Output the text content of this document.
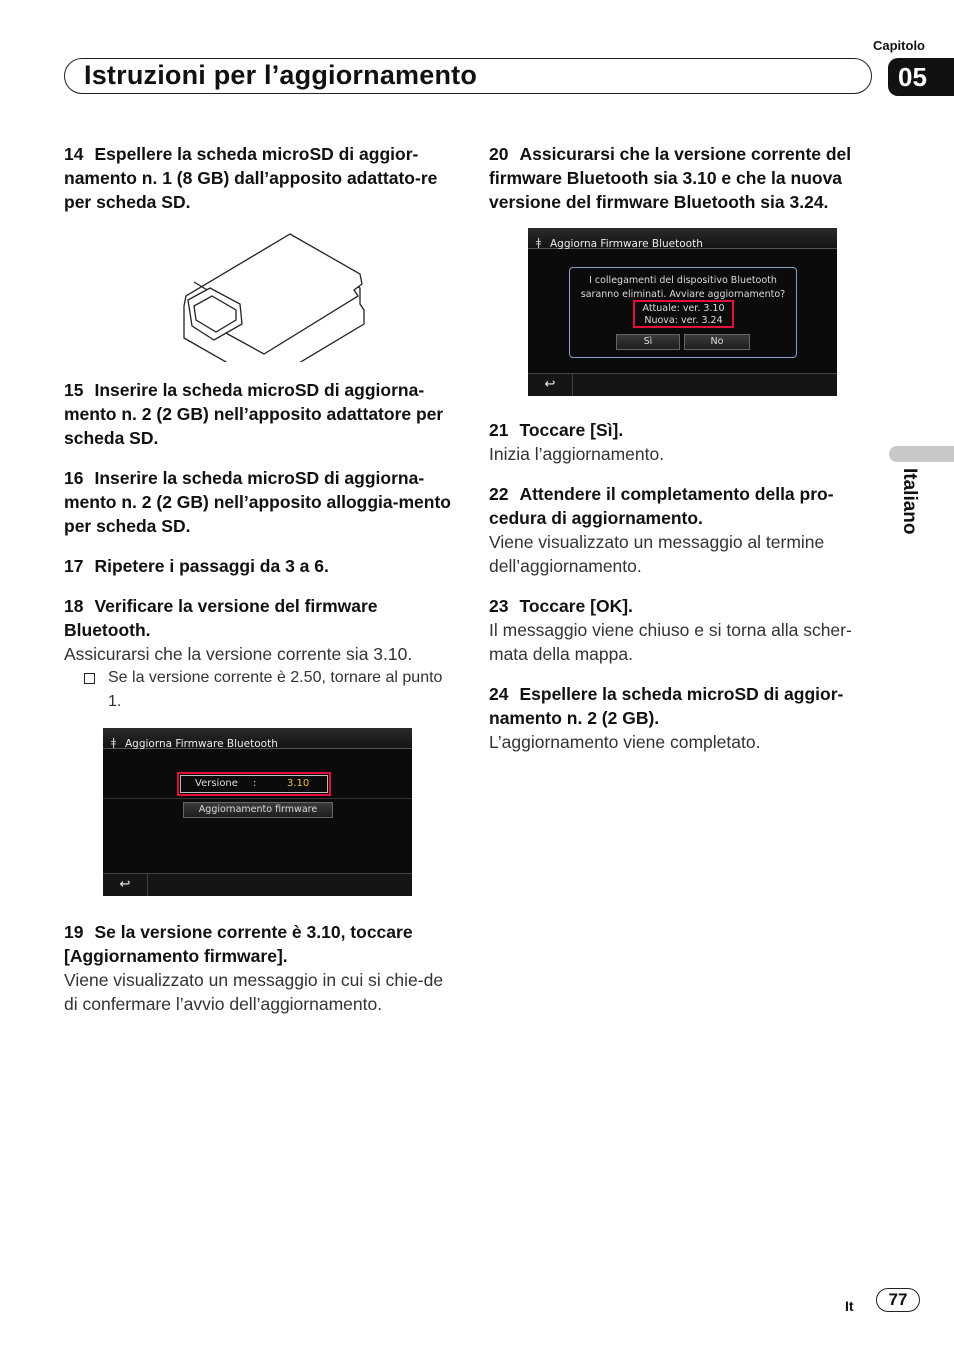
Capitolo
Istruzioni per l’aggiornamento	05
Italiano

14 Espellere la scheda microSD di aggior-namento n. 1 (8 GB) dall’apposito adattato-re per scheda SD.

15 Inserire la scheda microSD di aggiorna-mento n. 2 (2 GB) nell’apposito adattatore per scheda SD.

16 Inserire la scheda microSD di aggiorna-mento n. 2 (2 GB) nell’apposito alloggia-mento per scheda SD.

17 Ripetere i passaggi da 3 a 6.

18 Verificare la versione del firmware Bluetooth.

Assicurarsi che la versione corrente sia 3.10.

Se la versione corrente è 2.50, tornare al punto 1.
ǂ Aggiorna Firmware Bluetooth
Versione :	3.10
Aggiornamento firmware
↩

19 Se la versione corrente è 3.10, toccare [Aggiornamento firmware].

Viene visualizzato un messaggio in cui si chie-de di confermare l’avvio dell’aggiornamento.

20 Assicurarsi che la versione corrente del firmware Bluetooth sia 3.10 e che la nuova versione del firmware Bluetooth sia 3.24.

ǂ Aggiorna Firmware Bluetooth
I collegamenti del dispositivo Bluetooth
saranno eliminati. Avviare aggiornamento?
Attuale: ver. 3.10
Nuova: ver. 3.24
Sì	No
↩

21 Toccare [Sì].

Inizia l’aggiornamento.

22 Attendere il completamento della pro-cedura di aggiornamento.

Viene visualizzato un messaggio al termine dell’aggiornamento.

23 Toccare [OK].

Il messaggio viene chiuso e si torna alla scher-mata della mappa.

24 Espellere la scheda microSD di aggior-namento n. 2 (2 GB).

L’aggiornamento viene completato.

It	77
